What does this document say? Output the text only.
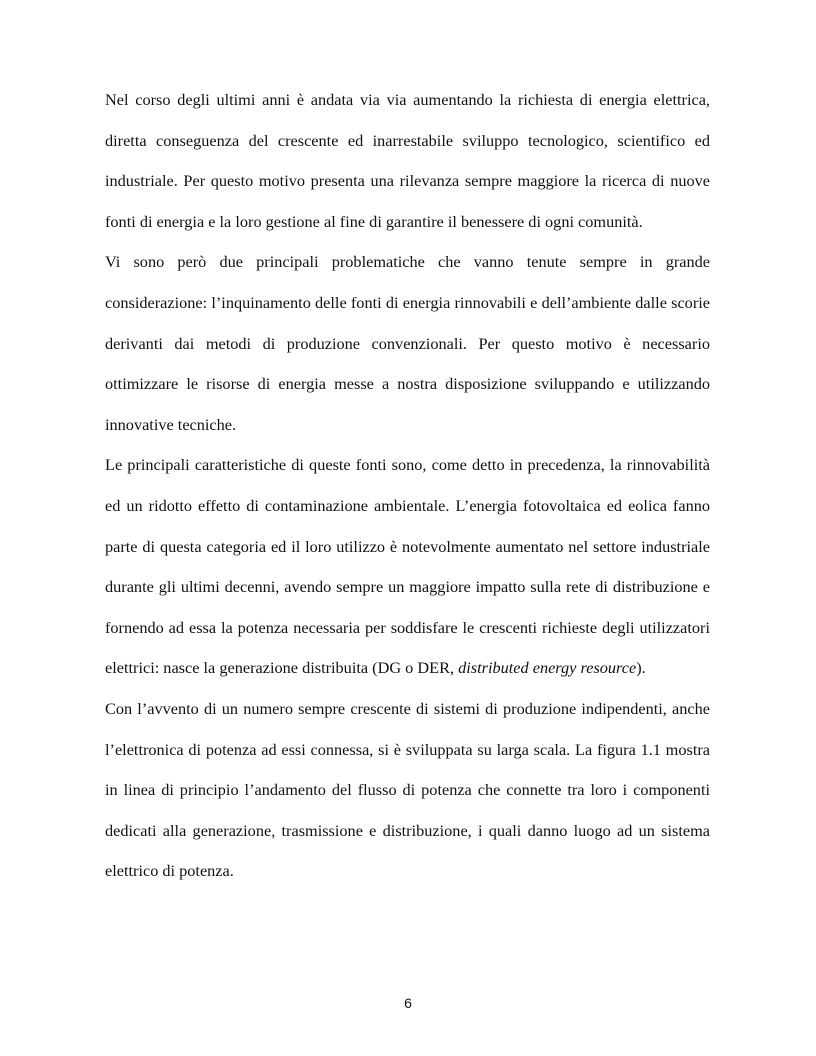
Nel corso degli ultimi anni è andata via via aumentando la richiesta di energia elettrica, diretta conseguenza del crescente ed inarrestabile sviluppo tecnologico, scientifico ed industriale. Per questo motivo presenta una rilevanza sempre maggiore la ricerca di nuove fonti di energia e la loro gestione al fine di garantire il benessere di ogni comunità.

Vi sono però due principali problematiche che vanno tenute sempre in grande considerazione: l’inquinamento delle fonti di energia rinnovabili e dell’ambiente dalle scorie derivanti dai metodi di produzione convenzionali. Per questo motivo è necessario ottimizzare le risorse di energia messe a nostra disposizione sviluppando e utilizzando innovative tecniche.

Le principali caratteristiche di queste fonti sono, come detto in precedenza, la rinnovabilità ed un ridotto effetto di contaminazione ambientale. L’energia fotovoltaica ed eolica fanno parte di questa categoria ed il loro utilizzo è notevolmente aumentato nel settore industriale durante gli ultimi decenni, avendo sempre un maggiore impatto sulla rete di distribuzione e fornendo ad essa la potenza necessaria per soddisfare le crescenti richieste degli utilizzatori elettrici: nasce la generazione distribuita (DG o DER, distributed energy resource).

Con l’avvento di un numero sempre crescente di sistemi di produzione indipendenti, anche l’elettronica di potenza ad essi connessa, si è sviluppata su larga scala. La figura 1.1 mostra in linea di principio l’andamento del flusso di potenza che connette tra loro i componenti dedicati alla generazione, trasmissione e distribuzione, i quali danno luogo ad un sistema elettrico di potenza.

6
